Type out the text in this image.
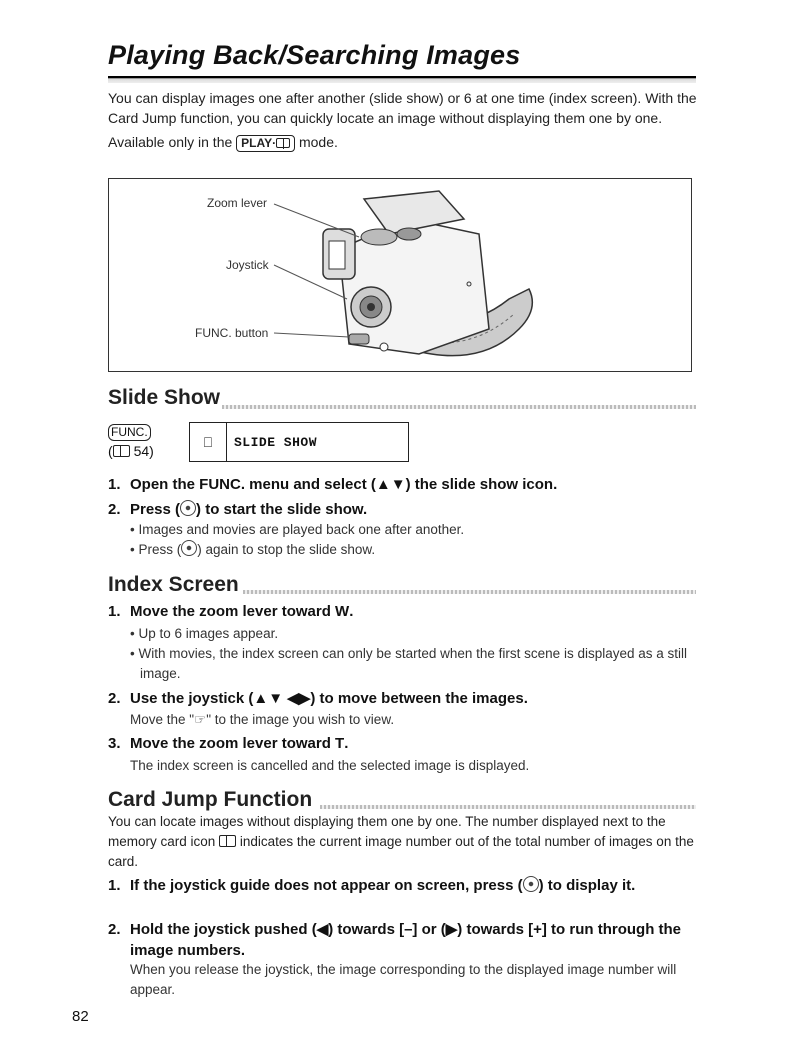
Playing Back/Searching Images

You can display images one after another (slide show) or 6 at one time (index screen). With the Card Jump function, you can quickly locate an image without displaying them one by one.

Available only in the PLAY· mode.

Zoom lever
Joystick
FUNC. button
Slide Show
FUNC.
( 54)
⎕	SLIDE SHOW
1. Open the FUNC. menu and select (▲▼) the slide show icon.
2. Press ( ) to start the slide show.
• Images and movies are played back one after another.
• Press ( ) again to stop the slide show.
Index Screen
1. Move the zoom lever toward W.
• Up to 6 images appear.
• With movies, the index screen can only be started when the first scene is displayed as a still image.
2. Use the joystick (▲▼ ◀▶) to move between the images.
Move the "☞" to the image you wish to view.
3. Move the zoom lever toward T.
The index screen is cancelled and the selected image is displayed.
Card Jump Function
You can locate images without displaying them one by one. The number displayed next to the memory card icon indicates the current image number out of the total number of images on the card.
1. If the joystick guide does not appear on screen, press ( ) to display it.
2. Hold the joystick pushed (◀) towards [–] or (▶) towards [+] to run through the image numbers.
When you release the joystick, the image corresponding to the displayed image number will appear.
82
